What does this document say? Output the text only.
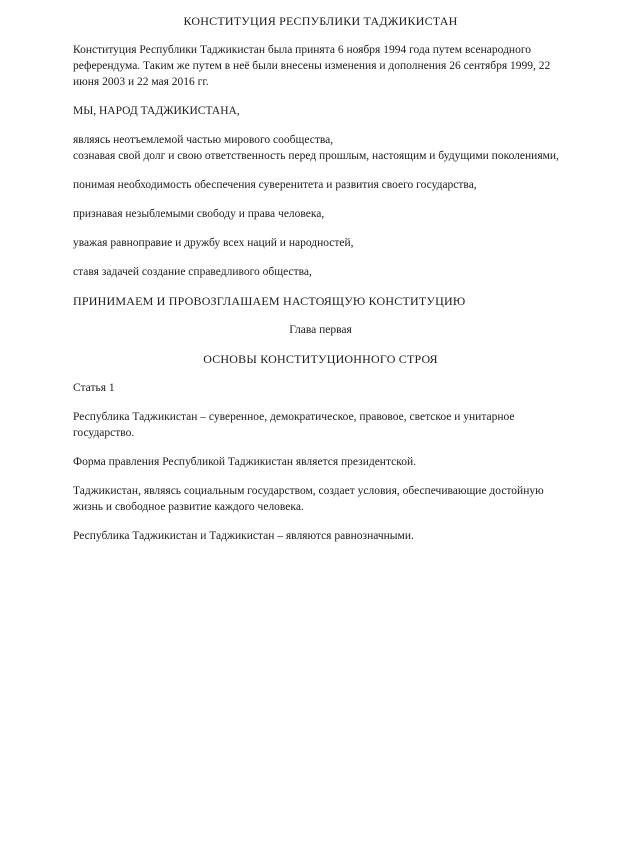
КОНСТИТУЦИЯ РЕСПУБЛИКИ ТАДЖИКИСТАН

Конституция Республики Таджикистан была принята 6 ноября 1994 года путем всенародного референдума. Таким же путем в неё были внесены изменения и дополнения 26 сентября 1999, 22 июня 2003 и 22 мая 2016 гг.

МЫ, НАРОД ТАДЖИКИСТАНА,

являясь неотъемлемой частью мирового сообщества,
сознавая свой долг и свою ответственность перед прошлым, настоящим и будущими поколениями,

понимая необходимость обеспечения суверенитета и развития своего государства,

признавая незыблемыми свободу и права человека,

уважая равноправие и дружбу всех наций и народностей,

ставя задачей создание справедливого общества,

ПРИНИМАЕМ И ПРОВОЗГЛАШАЕМ НАСТОЯЩУЮ КОНСТИТУЦИЮ

Глава первая

ОСНОВЫ КОНСТИТУЦИОННОГО СТРОЯ

Статья 1

Республика Таджикистан – суверенное, демократическое, правовое, светское и унитарное государство.

Форма правления Республикой Таджикистан является президентской.

Таджикистан, являясь социальным государством, создает условия, обеспечивающие достойную жизнь и свободное развитие каждого человека.

Республика Таджикистан и Таджикистан – являются равнозначными.
